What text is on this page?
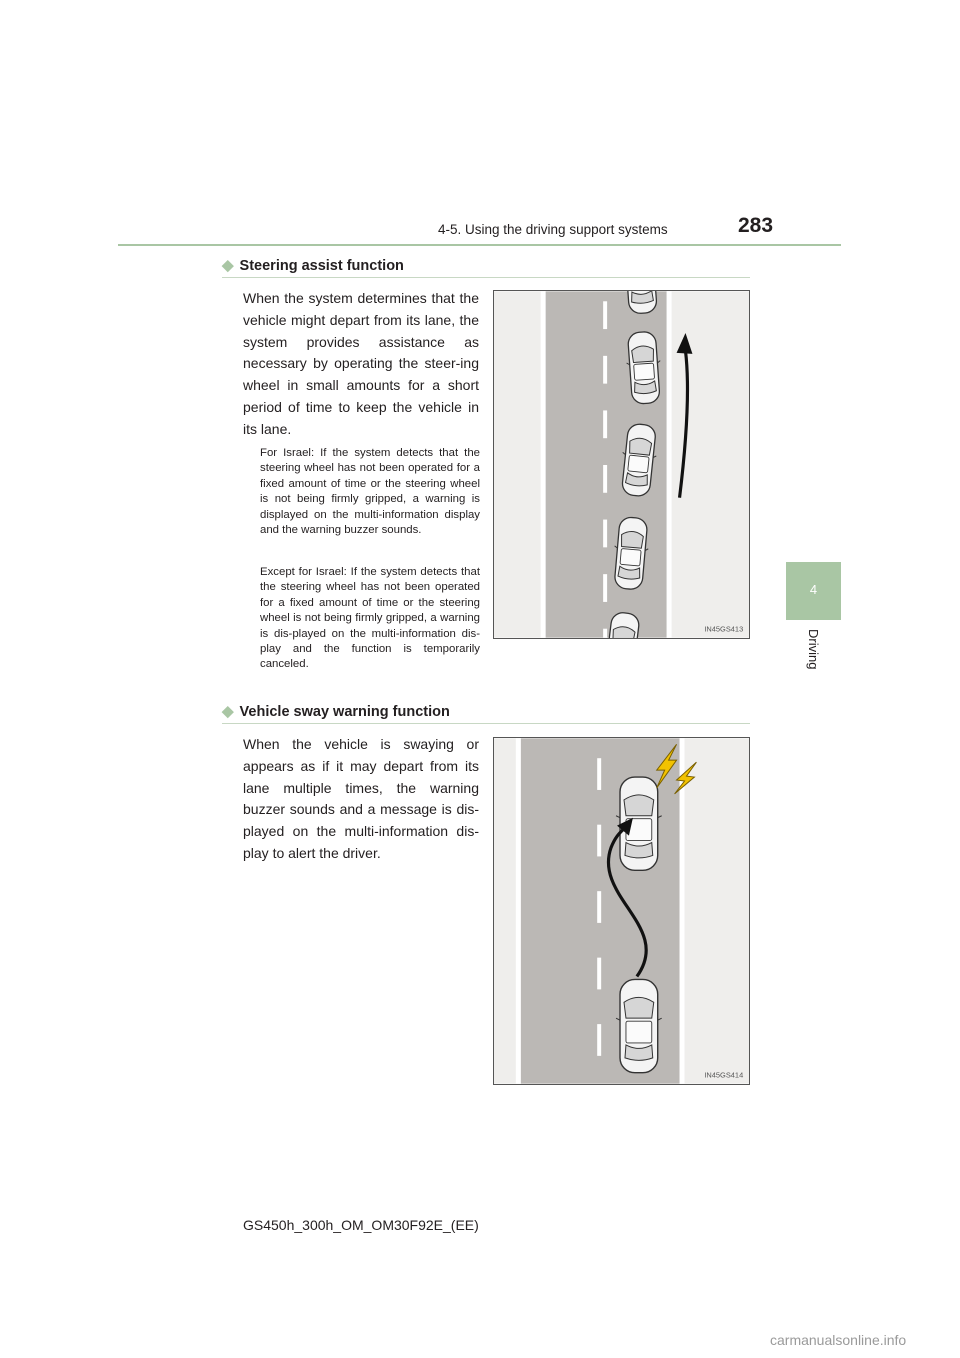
4-5. Using the driving support systems	283
4
Driving
◆ Steering assist function
When the system determines that the vehicle might depart from its lane, the system provides assistance as necessary by operating the steer-ing wheel in small amounts for a short period of time to keep the vehicle in its lane.
For Israel: If the system detects that the steering wheel has not been operated for a fixed amount of time or the steering wheel is not being firmly gripped, a warning is displayed on the multi-information display and the warning buzzer sounds.
Except for Israel: If the system detects that the steering wheel has not been operated for a fixed amount of time or the steering wheel is not being firmly gripped, a warning is dis-played on the multi-information dis-play and the function is temporarily canceled.
IN45GS413
◆ Vehicle sway warning function
When the vehicle is swaying or appears as if it may depart from its lane multiple times, the warning buzzer sounds and a message is dis-played on the multi-information dis-play to alert the driver.
IN45GS414
GS450h_300h_OM_OM30F92E_(EE)
carmanualsonline.info
